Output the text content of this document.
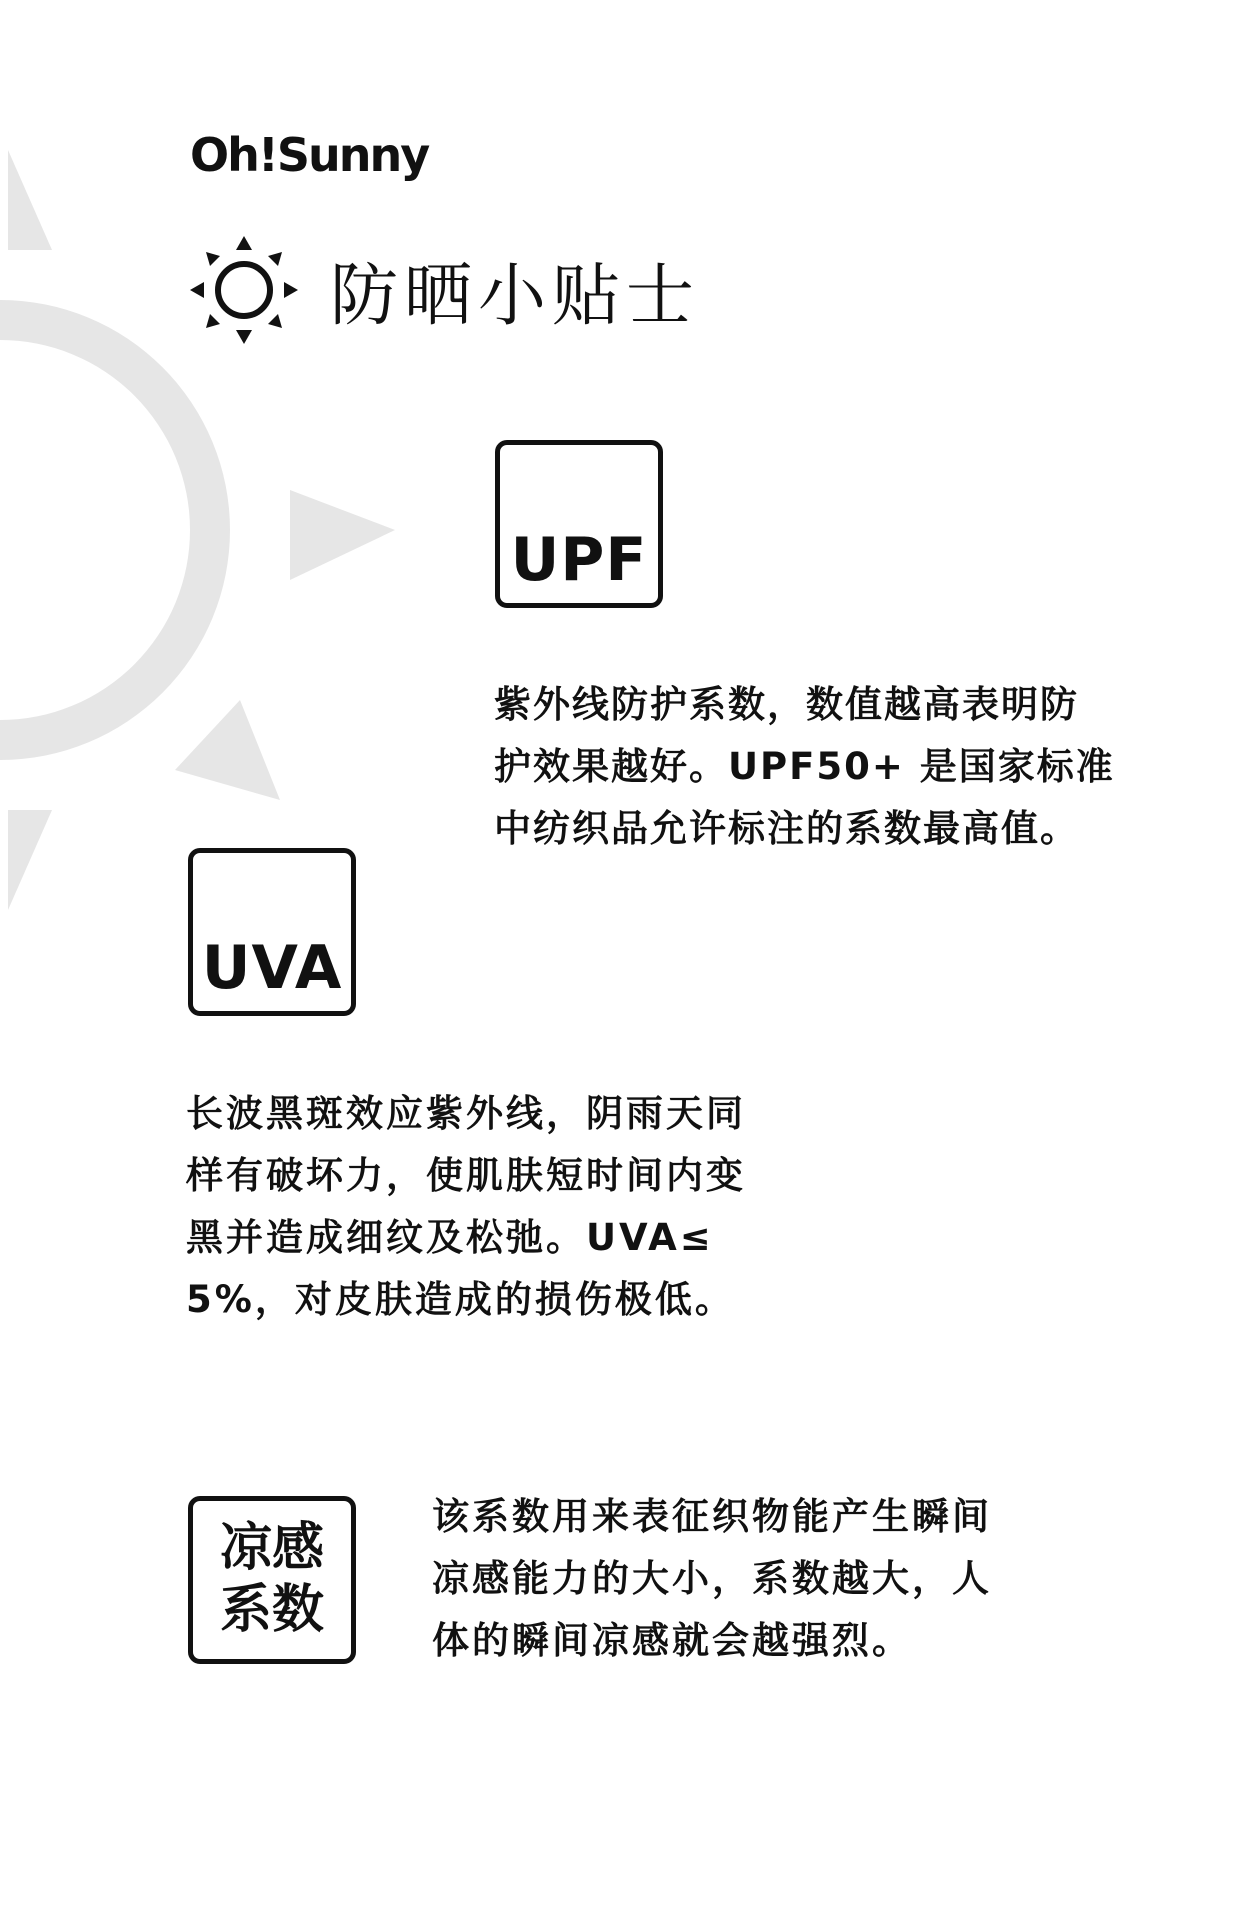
Oh!Sunny
防晒小贴士
UPF
紫外线防护系数，数值越高表明防
护效果越好。UPF50+ 是国家标准
中纺织品允许标注的系数最高值。
UVA
长波黑斑效应紫外线，阴雨天同
样有破坏力，使肌肤短时间内变
黑并造成细纹及松弛。UVA≤
5%，对皮肤造成的损伤极低。
凉感
系数
该系数用来表征织物能产生瞬间
凉感能力的大小，系数越大，人
体的瞬间凉感就会越强烈。
